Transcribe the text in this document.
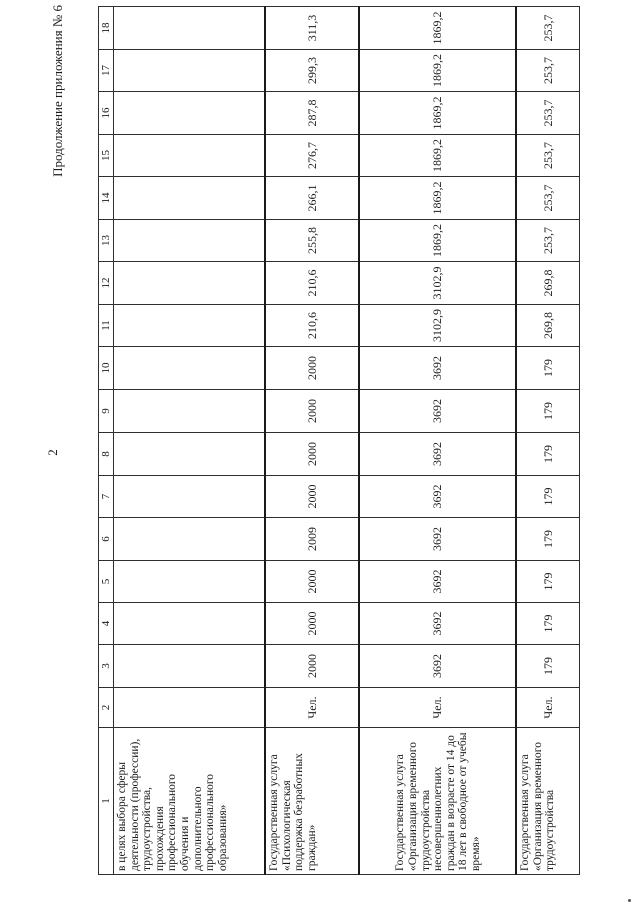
2
Продолжение приложения № 6
1	2	3	4	5	6	7	8	9	10	11	12	13	14	15	16	17	18
в целях выбора сферы деятельности (профессии), трудоустройства, прохождения профессионального обучения и дополнительного профессионального образования»																	
Государственная услуга «Психологическая поддержка безработных граждан»	Чел.	2000	2000	2000	2009	2000	2000	2000	2000	210,6	210,6	255,8	266,1	276,7	287,8	299,3	311,3
Государственная услуга «Организация временного трудоустройства несовершеннолетних граждан в возрасте от 14 до 18 лет в свободное от учебы время»	Чел.	3692	3692	3692	3692	3692	3692	3692	3692	3102,9	3102,9	1869,2	1869,2	1869,2	1869,2	1869,2	1869,2
Государственная услуга «Организация временного трудоустройства	Чел.	179	179	179	179	179	179	179	179	269,8	269,8	253,7	253,7	253,7	253,7	253,7	253,7
